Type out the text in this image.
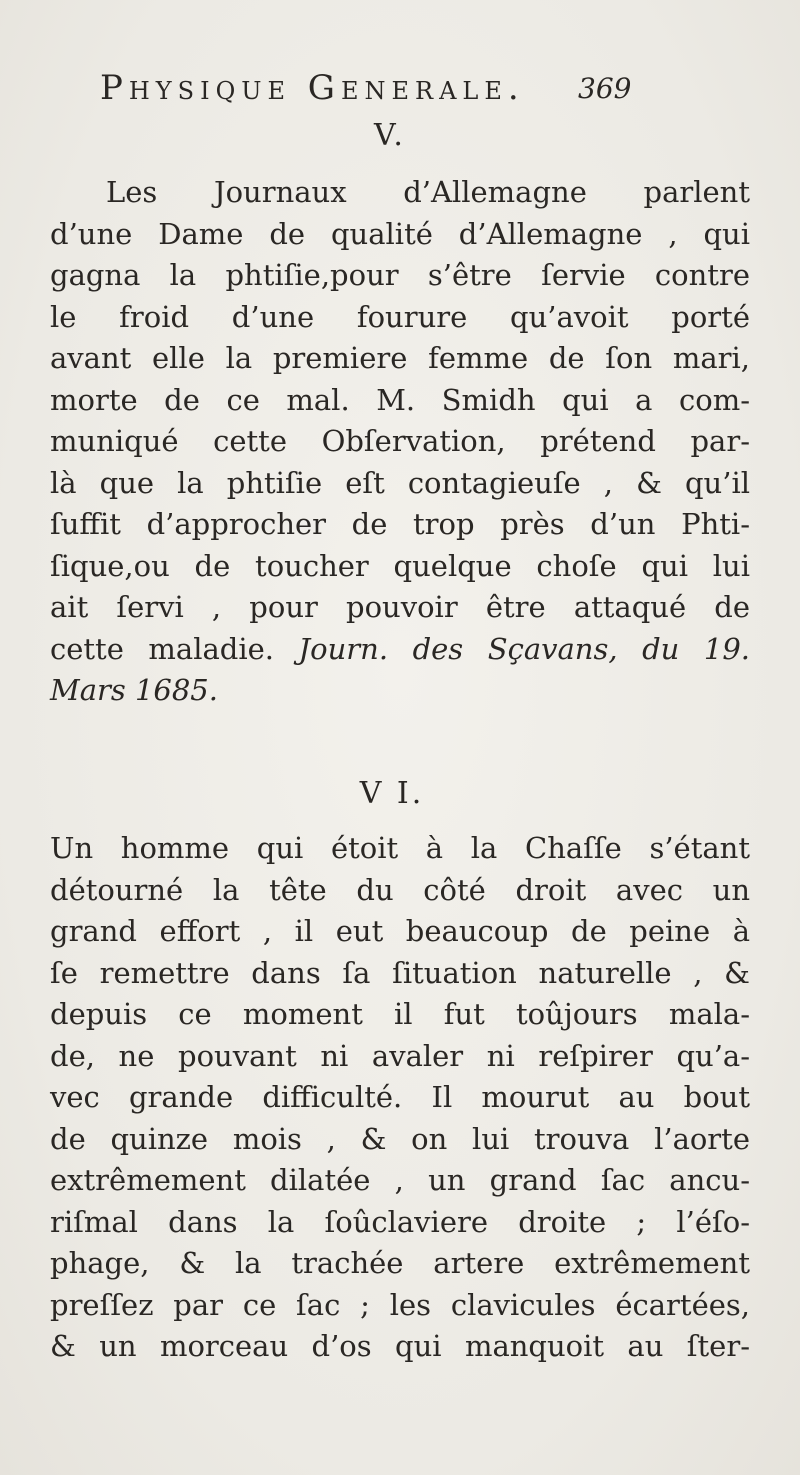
Physique Generale. 369
V.
Les Journaux d’Allemagne parlent
d’une Dame de qualité d’Allemagne , qui
gagna la phtiſie,pour s’être ſervie contre
le froid d’une fourure qu’avoit porté
avant elle la premiere femme de ſon mari,
morte de ce mal. M. Smidh qui a com-
muniqué cette Obſervation, prétend par-
là que la phtiſie eſt contagieuſe , & qu’il
ſuffit d’approcher de trop près d’un Phti-
ſique,ou de toucher quelque choſe qui lui
ait ſervi , pour pouvoir être attaqué de
cette maladie. Journ. des Sçavans, du 19.
Mars 1685.
V I.
Un homme qui étoit à la Chaſſe s’étant
détourné la tête du côté droit avec un
grand effort , il eut beaucoup de peine à
ſe remettre dans ſa ſituation naturelle , &
depuis ce moment il fut toûjours mala-
de, ne pouvant ni avaler ni reſpirer qu’a-
vec grande difficulté. Il mourut au bout
de quinze mois , & on lui trouva l’aorte
extrêmement dilatée , un grand ſac ancu-
riſmal dans la ſoûclaviere droite ; l’éſo-
phage, & la trachée artere extrêmement
preſſez par ce ſac ; les clavicules écartées,
& un morceau d’os qui manquoit au ſter-
